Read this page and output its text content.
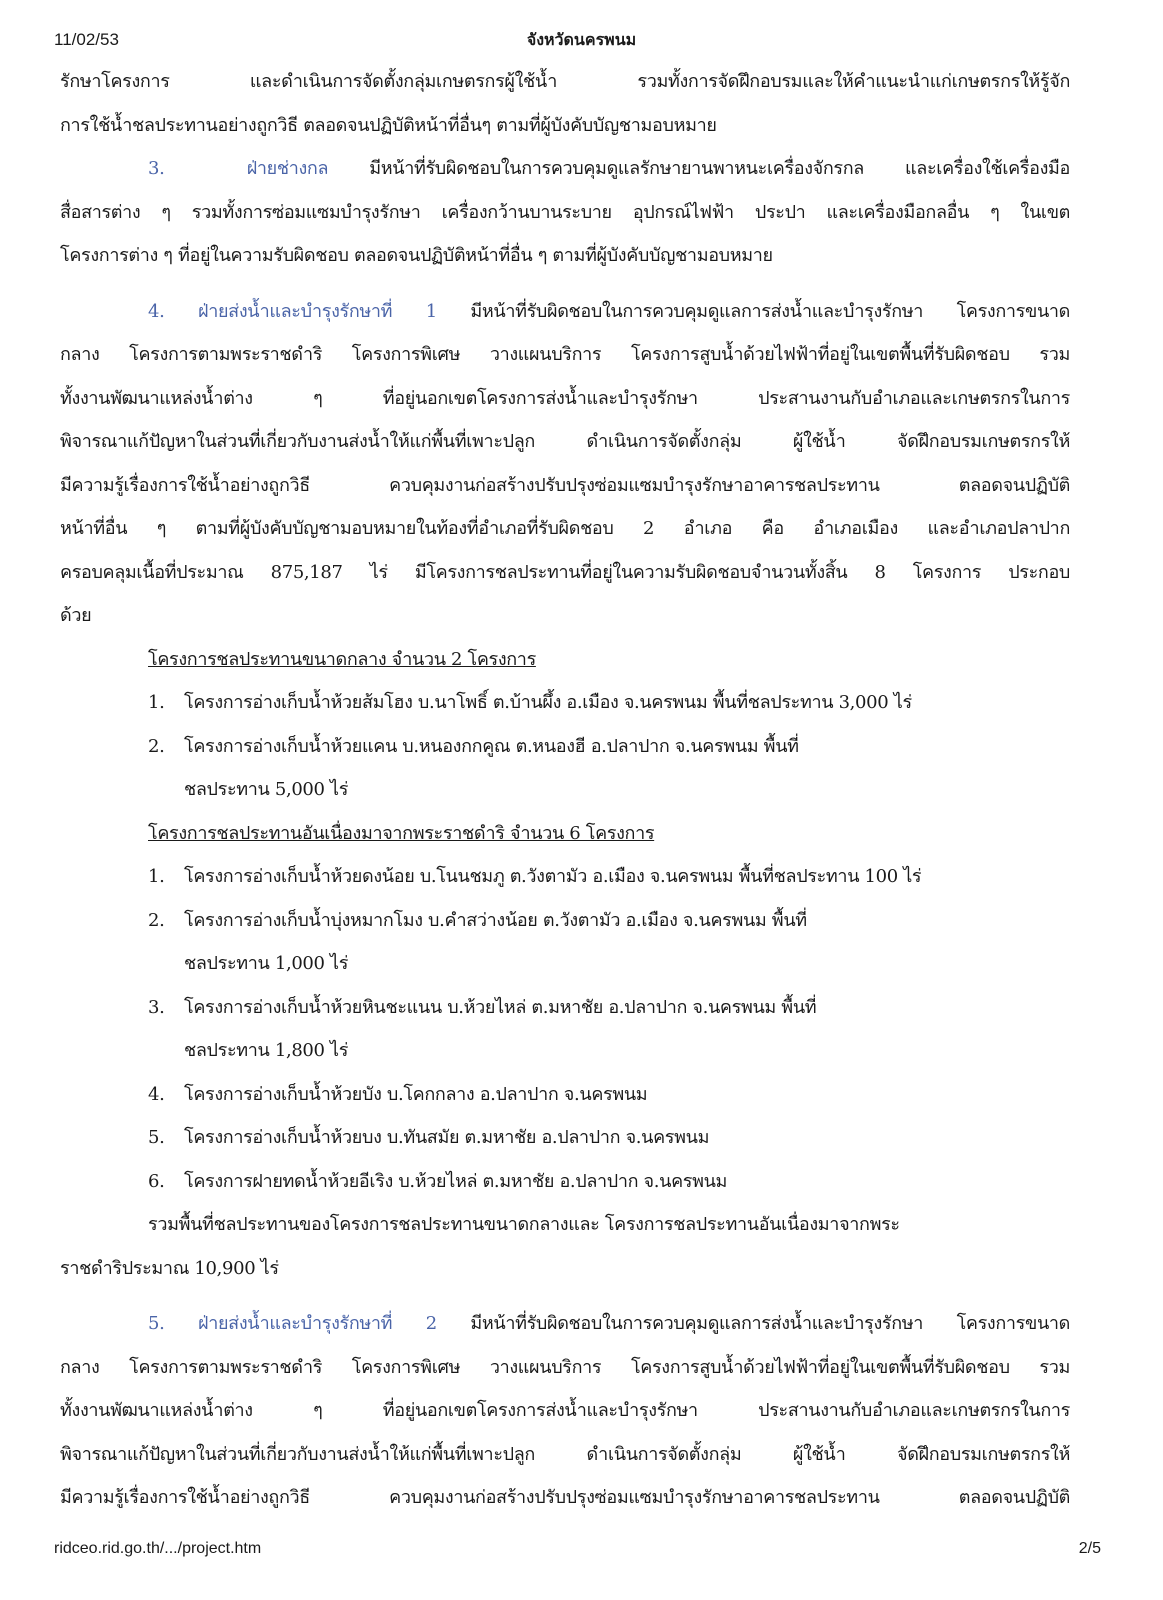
11/02/53	จังหวัดนครพนม
รักษาโครงการ และดำเนินการจัดตั้งกลุ่มเกษตรกรผู้ใช้น้ำ รวมทั้งการจัดฝึกอบรมและให้คำแนะนำแก่เกษตรกรให้รู้จัก
การใช้น้ำชลประทานอย่างถูกวิธี ตลอดจนปฏิบัติหน้าที่อื่นๆ ตามที่ผู้บังคับบัญชามอบหมาย
3.	ฝ่ายช่างกล มีหน้าที่รับผิดชอบในการควบคุมดูแลรักษายานพาหนะเครื่องจักรกล และเครื่องใช้เครื่องมือ
สื่อสารต่าง ๆ รวมทั้งการซ่อมแซมบำรุงรักษา เครื่องกว้านบานระบาย อุปกรณ์ไฟฟ้า ประปา และเครื่องมือกลอื่น ๆ ในเขต
โครงการต่าง ๆ ที่อยู่ในความรับผิดชอบ ตลอดจนปฏิบัติหน้าที่อื่น ๆ ตามที่ผู้บังคับบัญชามอบหมาย
4. ฝ่ายส่งน้ำและบำรุงรักษาที่ 1 มีหน้าที่รับผิดชอบในการควบคุมดูแลการส่งน้ำและบำรุงรักษา โครงการขนาด
กลาง โครงการตามพระราชดำริ โครงการพิเศษ วางแผนบริการ โครงการสูบน้ำด้วยไฟฟ้าที่อยู่ในเขตพื้นที่รับผิดชอบ รวม
ทั้งงานพัฒนาแหล่งน้ำต่าง ๆ ที่อยู่นอกเขตโครงการส่งน้ำและบำรุงรักษา ประสานงานกับอำเภอและเกษตรกรในการ
พิจารณาแก้ปัญหาในส่วนที่เกี่ยวกับงานส่งน้ำให้แก่พื้นที่เพาะปลูก ดำเนินการจัดตั้งกลุ่ม ผู้ใช้น้ำ จัดฝึกอบรมเกษตรกรให้
มีความรู้เรื่องการใช้น้ำอย่างถูกวิธี ควบคุมงานก่อสร้างปรับปรุงซ่อมแซมบำรุงรักษาอาคารชลประทาน ตลอดจนปฏิบัติ
หน้าที่อื่น ๆ ตามที่ผู้บังคับบัญชามอบหมายในท้องที่อำเภอที่รับผิดชอบ 2 อำเภอ คือ อำเภอเมือง และอำเภอปลาปาก
ครอบคลุมเนื้อที่ประมาณ 875,187 ไร่ มีโครงการชลประทานที่อยู่ในความรับผิดชอบจำนวนทั้งสิ้น 8 โครงการ ประกอบ
ด้วย
โครงการชลประทานขนาดกลาง จำนวน 2 โครงการ
1. โครงการอ่างเก็บน้ำห้วยส้มโฮง บ.นาโพธิ์ ต.บ้านผึ้ง อ.เมือง จ.นครพนม พื้นที่ชลประทาน 3,000 ไร่
2. โครงการอ่างเก็บน้ำห้วยแคน บ.หนองกกคูณ ต.หนองฮี อ.ปลาปาก จ.นครพนม พื้นที่
ชลประทาน 5,000 ไร่
โครงการชลประทานอันเนื่องมาจากพระราชดำริ จำนวน 6 โครงการ
1. โครงการอ่างเก็บน้ำห้วยดงน้อย บ.โนนชมภู ต.วังตามัว อ.เมือง จ.นครพนม พื้นที่ชลประทาน 100 ไร่
2. โครงการอ่างเก็บน้ำบุ่งหมากโมง บ.คำสว่างน้อย ต.วังตามัว อ.เมือง จ.นครพนม พื้นที่
ชลประทาน 1,000 ไร่
3. โครงการอ่างเก็บน้ำห้วยหินชะแนน บ.ห้วยไหล่ ต.มหาชัย อ.ปลาปาก จ.นครพนม พื้นที่
ชลประทาน 1,800 ไร่
4. โครงการอ่างเก็บน้ำห้วยบัง บ.โคกกลาง อ.ปลาปาก จ.นครพนม
5. โครงการอ่างเก็บน้ำห้วยบง บ.ทันสมัย ต.มหาชัย อ.ปลาปาก จ.นครพนม
6. โครงการฝายทดน้ำห้วยอีเริง บ.ห้วยไหล่ ต.มหาชัย อ.ปลาปาก จ.นครพนม
รวมพื้นที่ชลประทานของโครงการชลประทานขนาดกลางและ โครงการชลประทานอันเนื่องมาจากพระ
ราชดำริประมาณ 10,900 ไร่
5. ฝ่ายส่งน้ำและบำรุงรักษาที่ 2 มีหน้าที่รับผิดชอบในการควบคุมดูแลการส่งน้ำและบำรุงรักษา โครงการขนาด
กลาง โครงการตามพระราชดำริ โครงการพิเศษ วางแผนบริการ โครงการสูบน้ำด้วยไฟฟ้าที่อยู่ในเขตพื้นที่รับผิดชอบ รวม
ทั้งงานพัฒนาแหล่งน้ำต่าง ๆ ที่อยู่นอกเขตโครงการส่งน้ำและบำรุงรักษา ประสานงานกับอำเภอและเกษตรกรในการ
พิจารณาแก้ปัญหาในส่วนที่เกี่ยวกับงานส่งน้ำให้แก่พื้นที่เพาะปลูก ดำเนินการจัดตั้งกลุ่ม ผู้ใช้น้ำ จัดฝึกอบรมเกษตรกรให้
มีความรู้เรื่องการใช้น้ำอย่างถูกวิธี ควบคุมงานก่อสร้างปรับปรุงซ่อมแซมบำรุงรักษาอาคารชลประทาน ตลอดจนปฏิบัติ
ridceo.rid.go.th/.../project.htm	2/5
